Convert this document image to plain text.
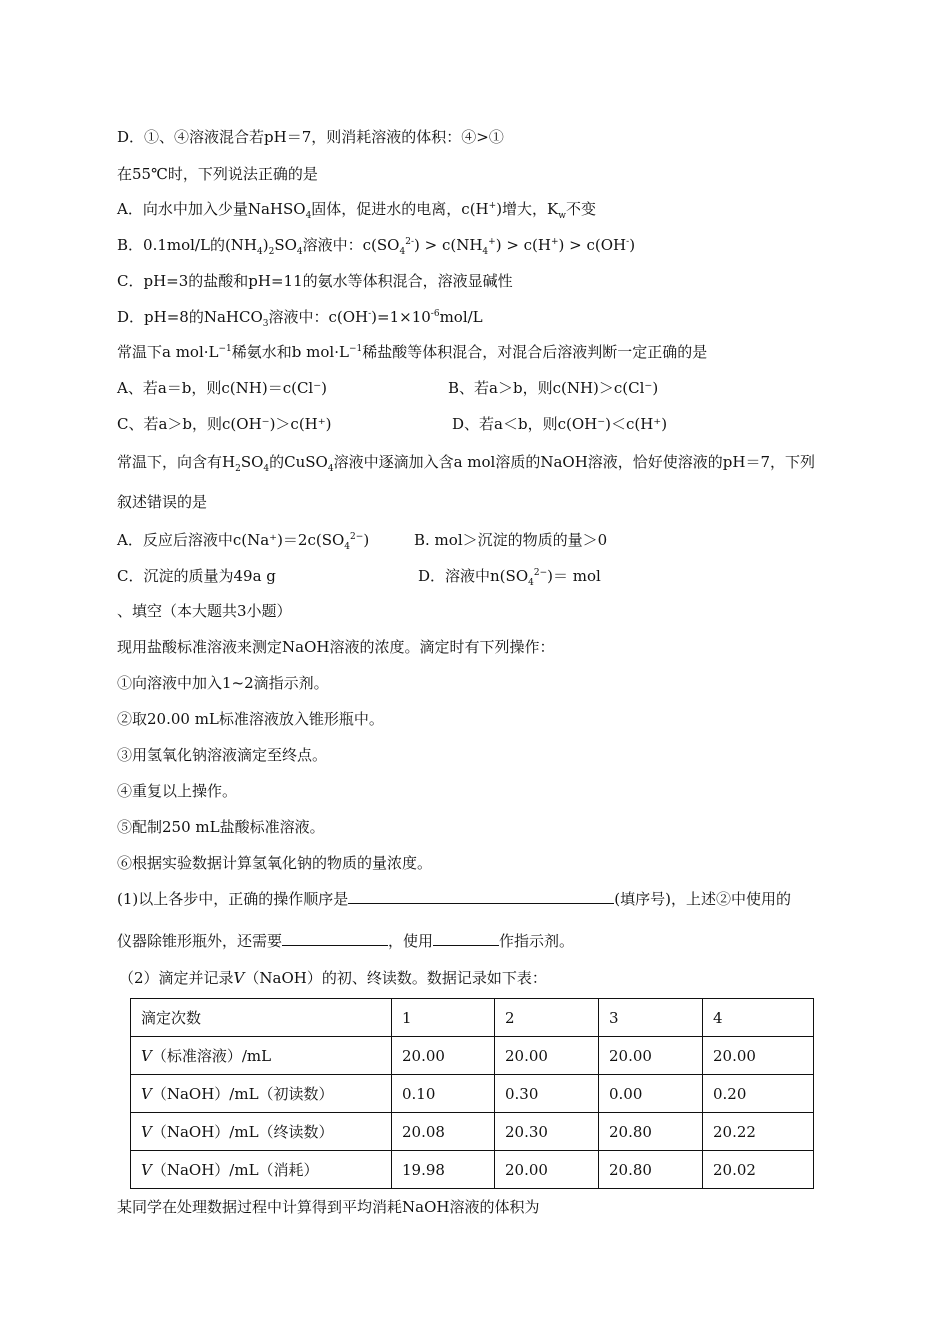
D．①、④溶液混合若pH＝7，则消耗溶液的体积：④>①
在55℃时，下列说法正确的是
A．向水中加入少量NaHSO$_4$固体，促进水的电离，c(H+)增大，$K_w$不变
B．0.1mol/L的$(NH_4)_2SO_4$溶液中：$c(SO_4^{2-}) > c(NH_4^+) > c(H^+) > c(OH^-)$
C．pH=3的盐酸和pH=11的氨水等体积混合，溶液显碱性
D．pH=8的NaHCO$_3$溶液中：$c(OH^-)=1\times 10^{-6}mol/L$
常温下a $mol\cdot L^{-1}$稀氨水和b $mol\cdot L^{-1}$稀盐酸等体积混合，对混合后溶液判断一定正确的是
A、若a＝b，则c(NH)＝c(Cl⁻)	B、若a＞b，则c(NH)＞c(Cl⁻)
C、若a＞b，则c(OH⁻)＞c(H⁺)	D、若a＜b，则c(OH⁻)＜c(H⁺)
常温下，向含有$H_2SO_4$的CuSO$_4$溶液中逐滴加入含a mol溶质的NaOH溶液，恰好使溶液的pH＝7，下列
叙述错误的是
A．反应后溶液中$c(Na^+)=2c(SO_4^{2-})$	B. mol＞沉淀的物质的量＞0
C．沉淀的质量为49a g	D．溶液中$n(SO_4^{2-})=$ mol
、填空（本大题共3小题）
现用盐酸标准溶液来测定NaOH溶液的浓度。滴定时有下列操作：
①向溶液中加入1~2滴指示剂。
②取20.00 mL标准溶液放入锥形瓶中。
③用氢氧化钠溶液滴定至终点。
④重复以上操作。
⑤配制250 mL盐酸标准溶液。
⑥根据实验数据计算氢氧化钠的物质的量浓度。
(1)以上各步中，正确的操作顺序是	(填序号)，上述②中使用的
仪器除锥形瓶外，还需要	，使用	作指示剂。
（2）滴定并记录V（NaOH）的初、终读数。数据记录如下表：
滴定次数	1	2	3	4
V（标准溶液）/mL	20.00	20.00	20.00	20.00
V（NaOH）/mL（初读数）	0.10	0.30	0.00	0.20
V（NaOH）/mL（终读数）	20.08	20.30	20.80	20.22
V（NaOH）/mL（消耗）	19.98	20.00	20.80	20.02
某同学在处理数据过程中计算得到平均消耗NaOH溶液的体积为
